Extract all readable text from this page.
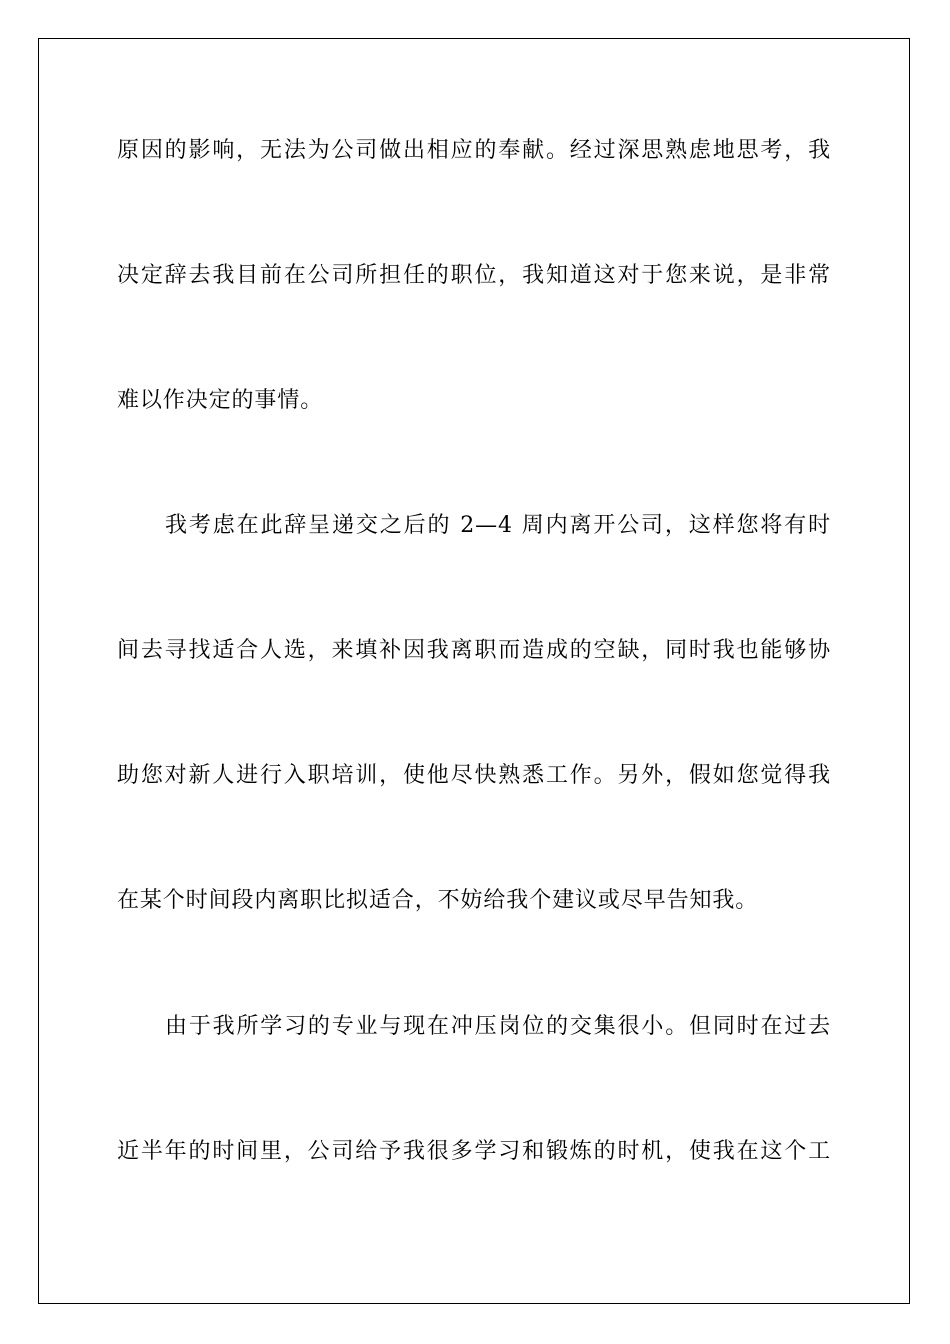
原因的影响，无法为公司做出相应的奉献。经过深思熟虑地思考，我
决定辞去我目前在公司所担任的职位，我知道这对于您来说，是非常
难以作决定的事情。
我考虑在此辞呈递交之后的 2—4 周内离开公司，这样您将有时
间去寻找适合人选，来填补因我离职而造成的空缺，同时我也能够协
助您对新人进行入职培训，使他尽快熟悉工作。另外，假如您觉得我
在某个时间段内离职比拟适合，不妨给我个建议或尽早告知我。
由于我所学习的专业与现在冲压岗位的交集很小。但同时在过去
近半年的时间里，公司给予我很多学习和锻炼的时机，使我在这个工
